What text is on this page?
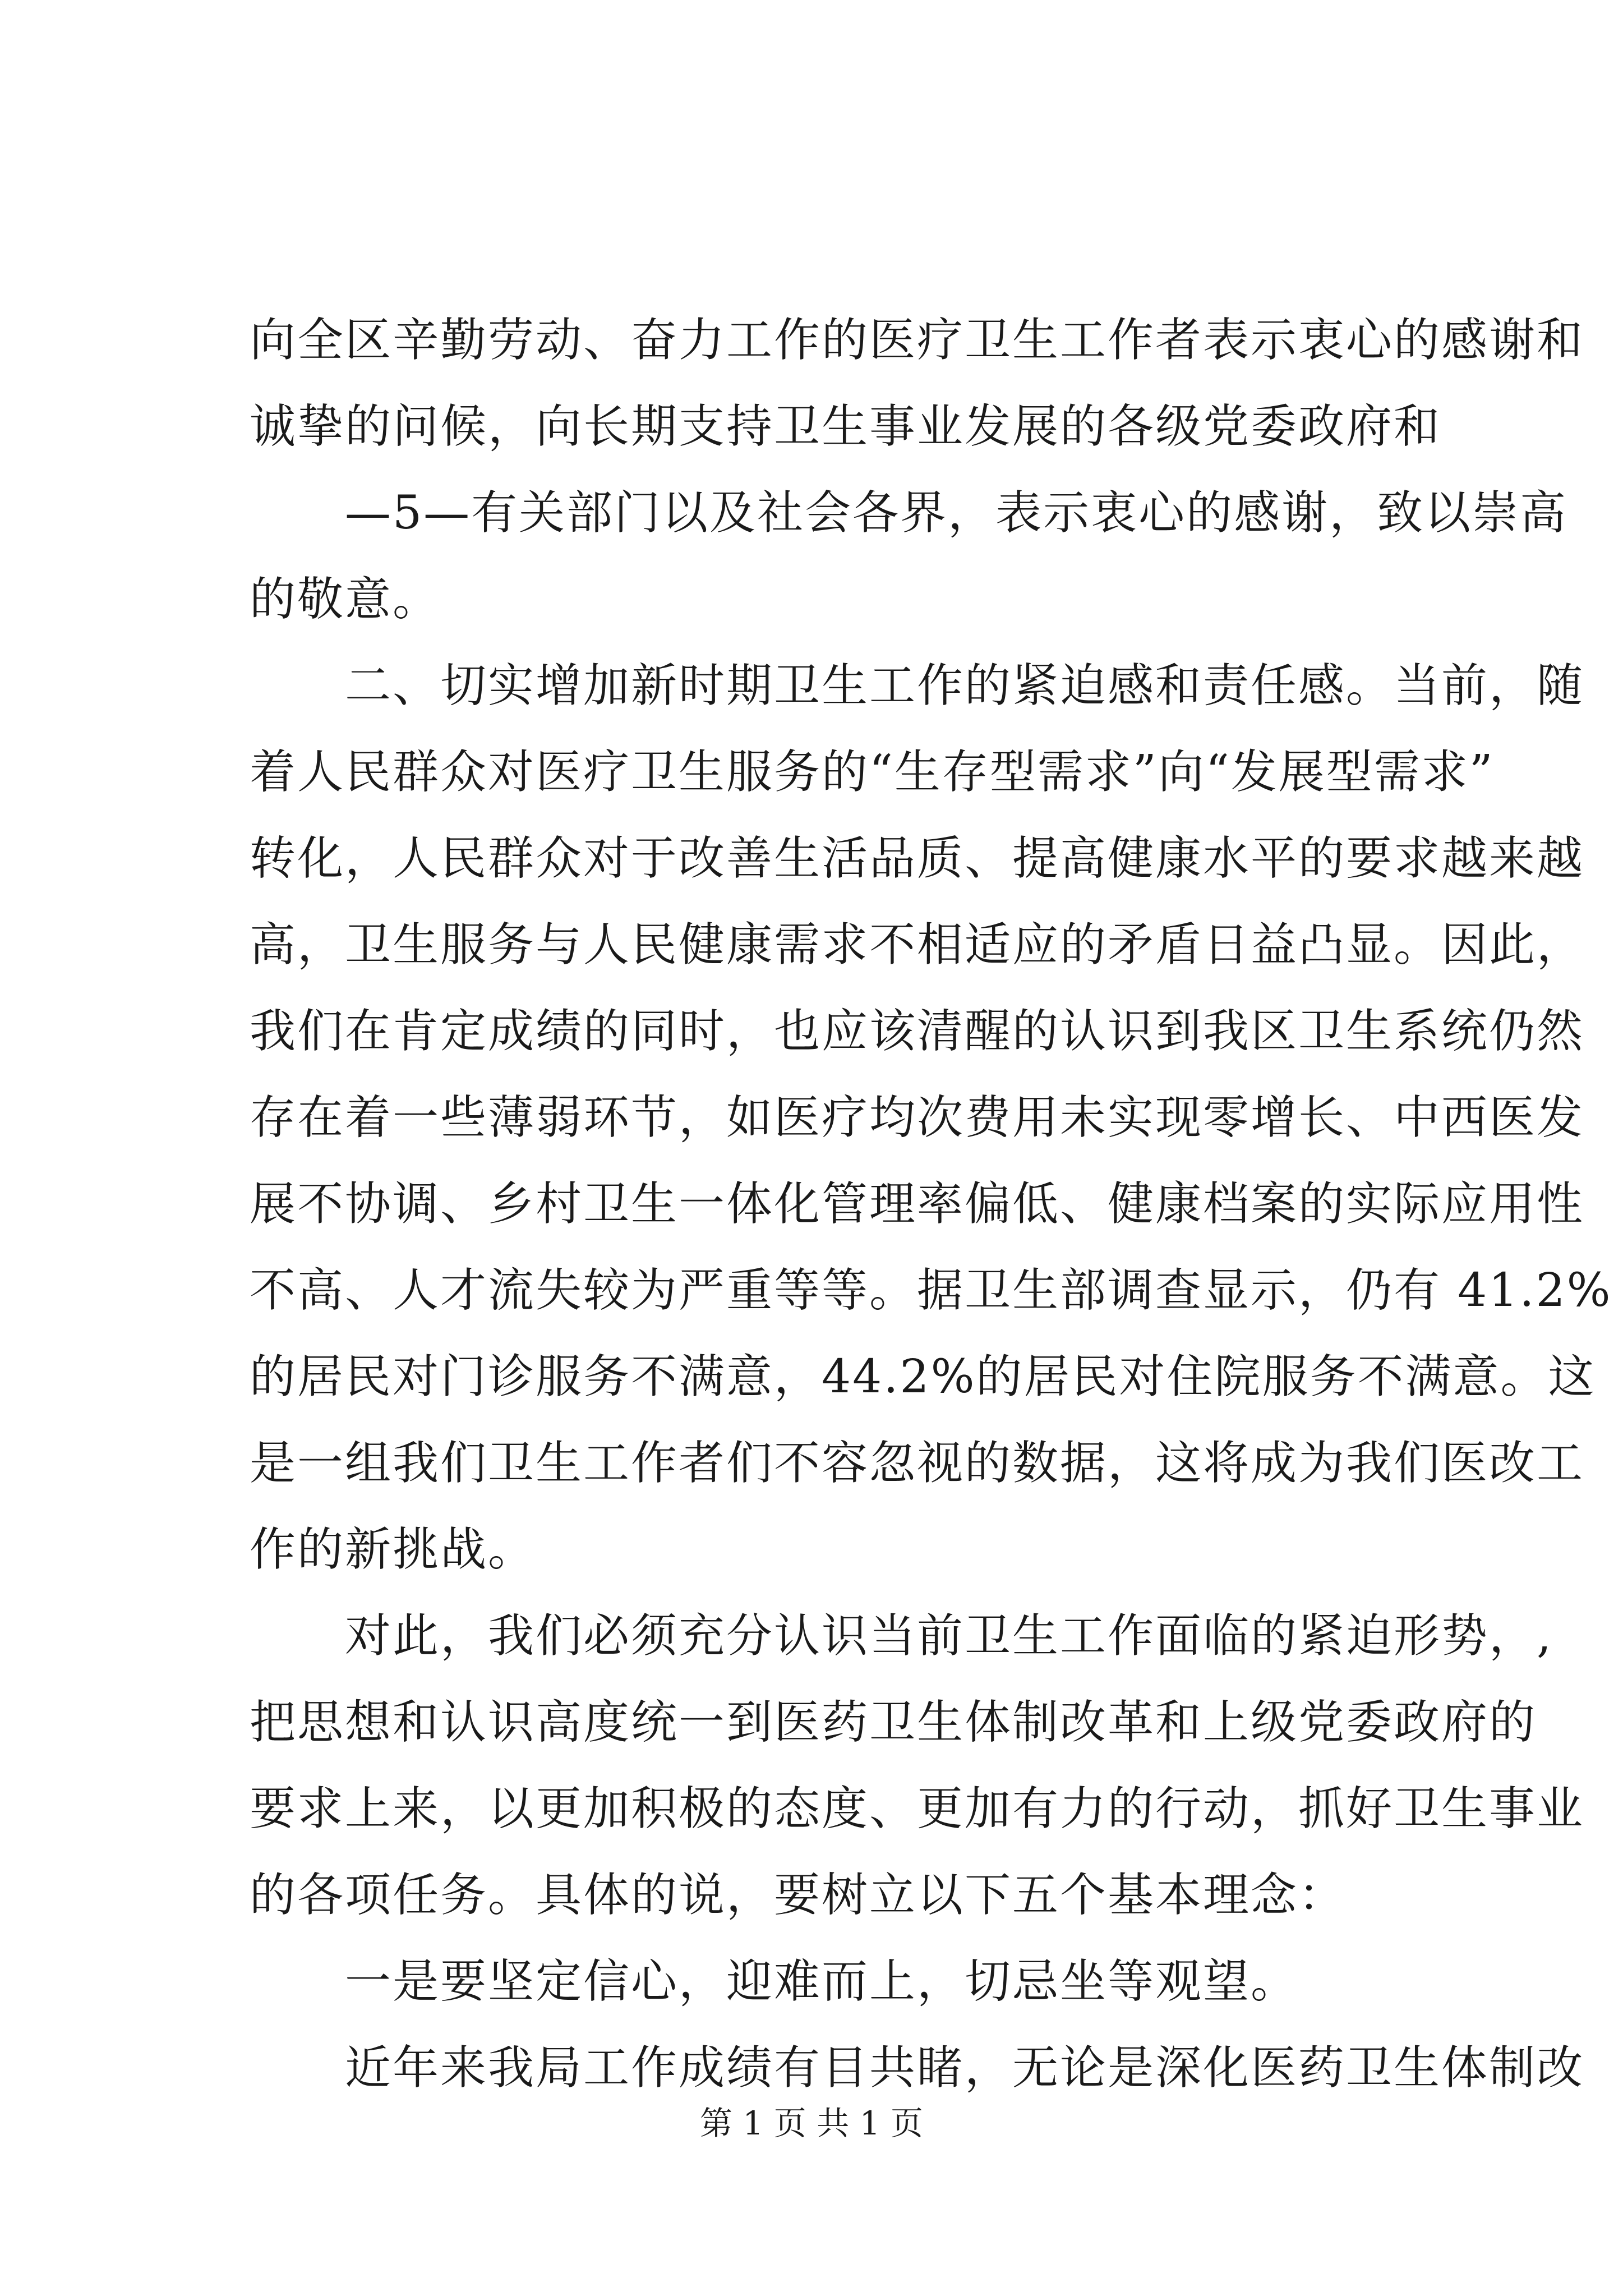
向全区辛勤劳动、奋力工作的医疗卫生工作者表示衷心的感谢和
诚挚的问候，向长期支持卫生事业发展的各级党委政府和
—5—有关部门以及社会各界，表示衷心的感谢，致以崇高
的敬意。
二、切实增加新时期卫生工作的紧迫感和责任感。当前，随
着人民群众对医疗卫生服务的“生存型需求”向“发展型需求”
转化，人民群众对于改善生活品质、提高健康水平的要求越来越
高，卫生服务与人民健康需求不相适应的矛盾日益凸显。因此，
我们在肯定成绩的同时，也应该清醒的认识到我区卫生系统仍然
存在着一些薄弱环节，如医疗均次费用未实现零增长、中西医发
展不协调、乡村卫生一体化管理率偏低、健康档案的实际应用性
不高、人才流失较为严重等等。据卫生部调查显示，仍有 41.2%
的居民对门诊服务不满意，44.2%的居民对住院服务不满意。这
是一组我们卫生工作者们不容忽视的数据，这将成为我们医改工
作的新挑战。
对此，我们必须充分认识当前卫生工作面临的紧迫形势，,
把思想和认识高度统一到医药卫生体制改革和上级党委政府的
要求上来，以更加积极的态度、更加有力的行动，抓好卫生事业
的各项任务。具体的说，要树立以下五个基本理念：
一是要坚定信心，迎难而上，切忌坐等观望。
近年来我局工作成绩有目共睹，无论是深化医药卫生体制改
第 1 页 共 1 页
